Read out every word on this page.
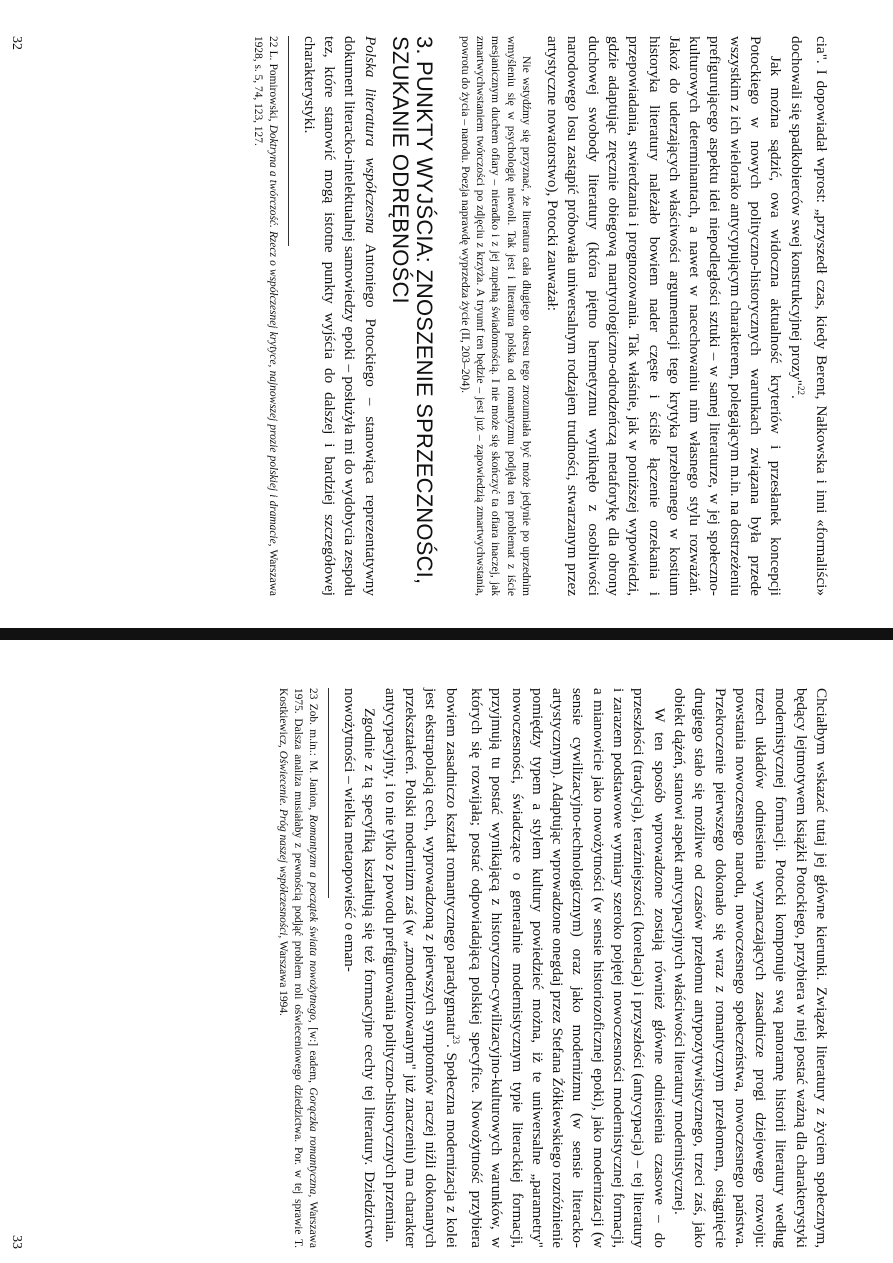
cia". I dopowiadał wprost: „przyszedł czas, kiedy Berent, Nałkowska i inni «formaliści» dochowali się spadkobierców swej konstrukcyjnej prozy"$^{22}$.

Jak można sądzić, owa widoczna aktualność kryteriów i przesłanek koncepcji Potockiego w nowych polityczno-historycznych warunkach związana była przede wszystkim z ich wielorako antycypującym charakterem, polegającym m.in. na dostrzeżeniu prefigurującego aspektu idei niepodległości sztuki – w samej literaturze, w jej społeczno-kulturowych determinantach, a nawet w nacechowaniu nim własnego stylu rozważań. Jakoż do uderzających właściwości argumentacji tego krytyka przebranego w kostium historyka literatury należało bowiem nader częste i ściśle łączenie orzekania i przepowiadania, stwierdzania i prognozowania. Tak właśnie, jak w poniższej wypowiedzi, gdzie adaptując zręcznie obiegową martyrologiczno-odrodzeńczą metaforykę dla obrony duchowej swobody literatury (która piętno hermetyzmu wyniknęło z osobliwości narodowego losu zastąpić próbowała uniwersalnym rodzajem trudności, stwarzanym przez artystyczne nowatorstwo), Potocki zauważał:

Nie wstydźmy się przyznać, że literatura cała długiego okresu tego zrozumiała być może jedynie po uprzednim wmyśleniu się w psychologię niewoli. Tak jest i literatura polska od romantyzmu podjęła ten problemat z iście mesjanicznym duchem ofiary – nieradko i z jej zupełną świadomością. I nie może się skończyć ta ofiara inaczej, jak zmartwychwstaniem twórczości po zdjęciu z krzyża. A tryumf ten będzie – jest już – zapowiedzią zmartwychwstania, powrotu do życia – narodu. Poezja naprawdę wyprzedza życie (II, 203–204).

3. PUNKTY WYJŚCIA: ZNOSZENIE SPRZECZNOŚCI, SZUKANIE ODRĘBNOŚCI

Polska literatura współczesna Antoniego Potockiego – stanowiąca reprezentatywny dokument literacko-intelektualnej samowiedzy epoki – posłużyła mi do wydobycia zespołu tez, które stanowić mogą istotne punkty wyjścia do dalszej i bardziej szczegółowej charakterystyki.

22 L. Pomirowski, Doktryna a twórczość. Rzecz o współczesnej krytyce, najnowszej prozie polskiej i dramacie, Warszawa 1928, s. 5, 74, 123, 127.

32

Chciałbym wskazać tutaj jej główne kierunki. Związek literatury z życiem społecznym, będący lejtmotywem książki Potockiego, przybiera w niej postać ważną dla charakterystyki modernistycznej formacji. Potocki komponuje swą panoramę historii literatury według trzech układów odniesienia wyznaczających zasadnicze progi dziejowego rozwoju: powstania nowoczesnego narodu, nowoczesnego społeczeństwa, nowoczesnego państwa. Przekroczenie pierwszego dokonało się wraz z romantycznym przełomem, osiągnięcie drugiego stało się możliwe od czasów przełomu antypozytywistycznego, trzeci zaś, jako obiekt dążeń, stanowi aspekt antycypacyjnych właściwości literatury modernistycznej.

W ten sposób wprowadzone zostają również główne odniesienia czasowe – do przeszłości (tradycja), teraźniejszości (korelacja) i przyszłości (antycypacja) – tej literatury i zarazem podstawowe wymiary szeroko pojętej nowoczesności modernistycznej formacji, a mianowicie jako nowożytności (w sensie historiozoficznej epoki), jako modernizacji (w sensie cywilizacyjno-technologicznym) oraz jako modernizmu (w sensie literacko-artystycznym). Adaptując wprowadzone onegdaj przez Stefana Żółkiewskiego rozróżnienie pomiędzy typem a stylem kultury powiedzieć można, iż te uniwersalne „parametry" nowoczesności, świadczące o generalnie modernistycznym typie literackiej formacji, przyjmują tu postać wynikającą z historyczno-cywilizacyjno-kulturowych warunków, w których się rozwijała; postać odpowiadającą polskiej specyfice. Nowożytność przybiera bowiem zasadniczo kształt romantycznego paradygmatu$^{23}$. Społeczna modernizacja z kolei jest ekstrapolacją cech, wyprowadzoną z pierwszych symptomów raczej niźli dokonanych przekształceń. Polski modernizm zaś (w „zmodernizowanym" już znaczeniu) ma charakter antycypacyjny, i to nie tylko z powodu prefigurowania polityczno-historycznych przemian.

Zgodnie z tą specyfiką kształtują się też formacyjne cechy tej literatury. Dziedzictwo nowożytności – wielka metaopowieść o eman-

23 Zob. m.in.: M. Janion, Romantyzm a początek świata nowożytnego, [w:] eadem, Gorączka romantyczna, Warszawa 1975. Dalsza analiza musiałaby z pewnością podjąć problem roli oświeceniowego dziedzictwa. Por. w tej sprawie T. Kostkiewicz, Oświecenie. Próg naszej współczesności, Warszawa 1994.

33
